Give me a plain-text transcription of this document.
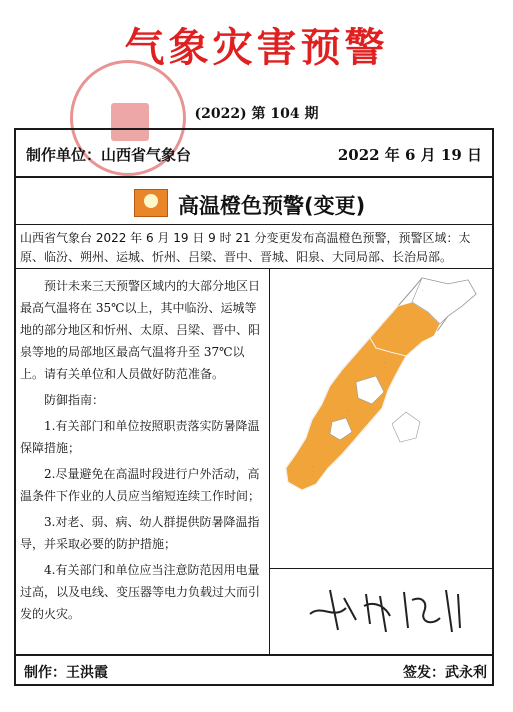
气象灾害预警
(2022) 第 104 期
制作单位：山西省气象台	2022 年 6 月 19 日
高温橙色预警(变更)
山西省气象台 2022 年 6 月 19 日 9 时 21 分变更发布高温橙色预警，预警区域：太原、临汾、朔州、运城、忻州、吕梁、晋中、晋城、阳泉、大同局部、长治局部。

预计未来三天预警区域内的大部分地区日最高气温将在 35℃以上，其中临汾、运城等地的部分地区和忻州、太原、吕梁、晋中、阳泉等地的局部地区最高气温将升至 37℃以上。请有关单位和人员做好防范准备。

防御指南：

1.有关部门和单位按照职责落实防暑降温保障措施；

2.尽量避免在高温时段进行户外活动，高温条件下作业的人员应当缩短连续工作时间；

3.对老、弱、病、幼人群提供防暑降温指导，并采取必要的防护措施；

4.有关部门和单位应当注意防范因用电量过高，以及电线、变压器等电力负载过大而引发的火灾。

·
·
·
·
制作：王洪霞	签发：武永利
